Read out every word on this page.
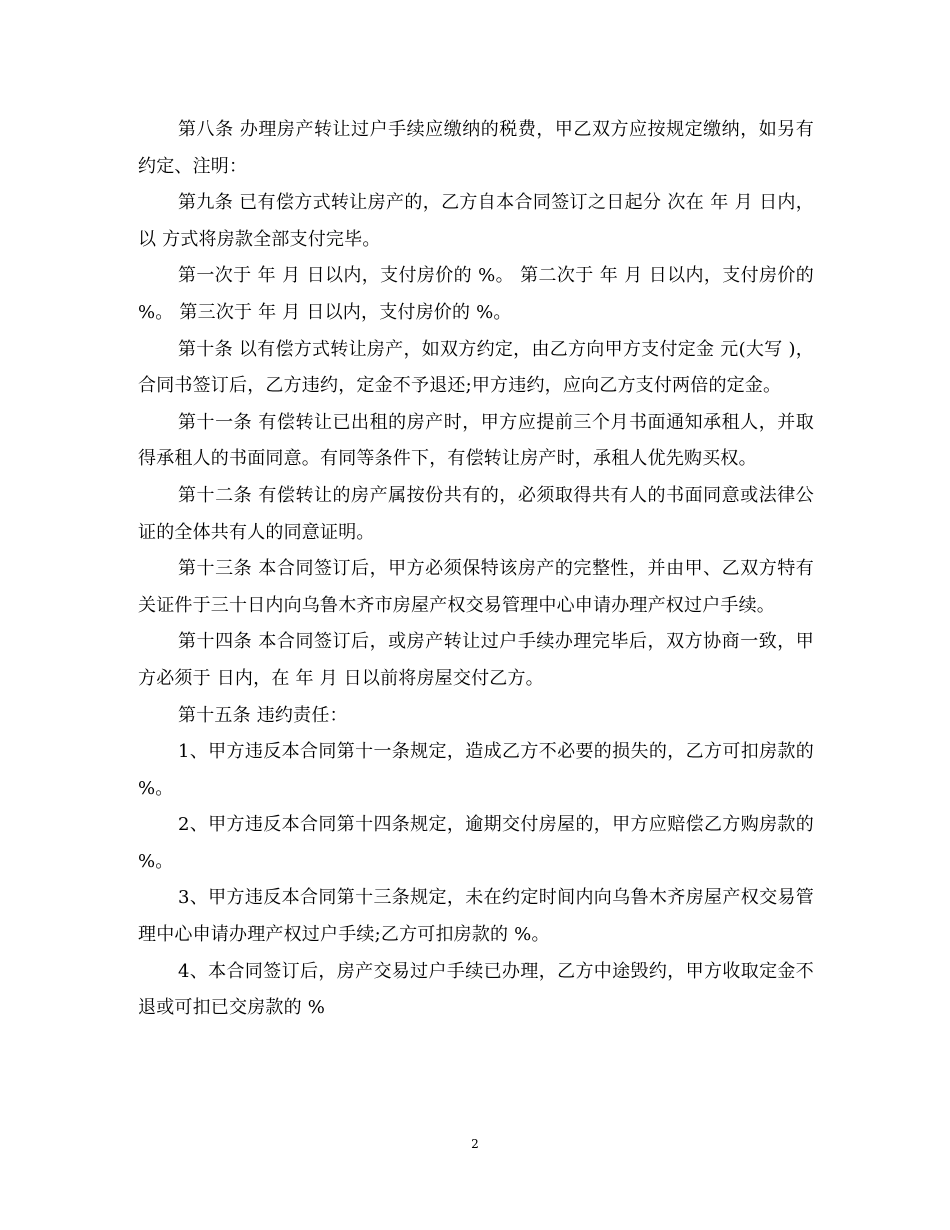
第八条 办理房产转让过户手续应缴纳的税费，甲乙双方应按规定缴纳，如另有约定、注明：

第九条 已有偿方式转让房产的，乙方自本合同签订之日起分 次在 年 月 日内，以 方式将房款全部支付完毕。

第一次于 年 月 日以内，支付房价的 %。 第二次于 年 月 日以内，支付房价的 %。 第三次于 年 月 日以内，支付房价的 %。

第十条 以有偿方式转让房产，如双方约定，由乙方向甲方支付定金 元(大写 )，合同书签订后，乙方违约，定金不予退还;甲方违约，应向乙方支付两倍的定金。

第十一条 有偿转让已出租的房产时，甲方应提前三个月书面通知承租人，并取得承租人的书面同意。有同等条件下，有偿转让房产时，承租人优先购买权。

第十二条 有偿转让的房产属按份共有的，必须取得共有人的书面同意或法律公证的全体共有人的同意证明。

第十三条 本合同签订后，甲方必须保特该房产的完整性，并由甲、乙双方特有关证件于三十日内向乌鲁木齐市房屋产权交易管理中心申请办理产权过户手续。

第十四条 本合同签订后，或房产转让过户手续办理完毕后，双方协商一致，甲方必须于 日内，在 年 月 日以前将房屋交付乙方。

第十五条 违约责任：

1、甲方违反本合同第十一条规定，造成乙方不必要的损失的，乙方可扣房款的 %。

2、甲方违反本合同第十四条规定，逾期交付房屋的，甲方应赔偿乙方购房款的 %。

3、甲方违反本合同第十三条规定，未在约定时间内向乌鲁木齐房屋产权交易管理中心申请办理产权过户手续;乙方可扣房款的 %。

4、本合同签订后，房产交易过户手续已办理，乙方中途毁约，甲方收取定金不退或可扣已交房款的 %

2
